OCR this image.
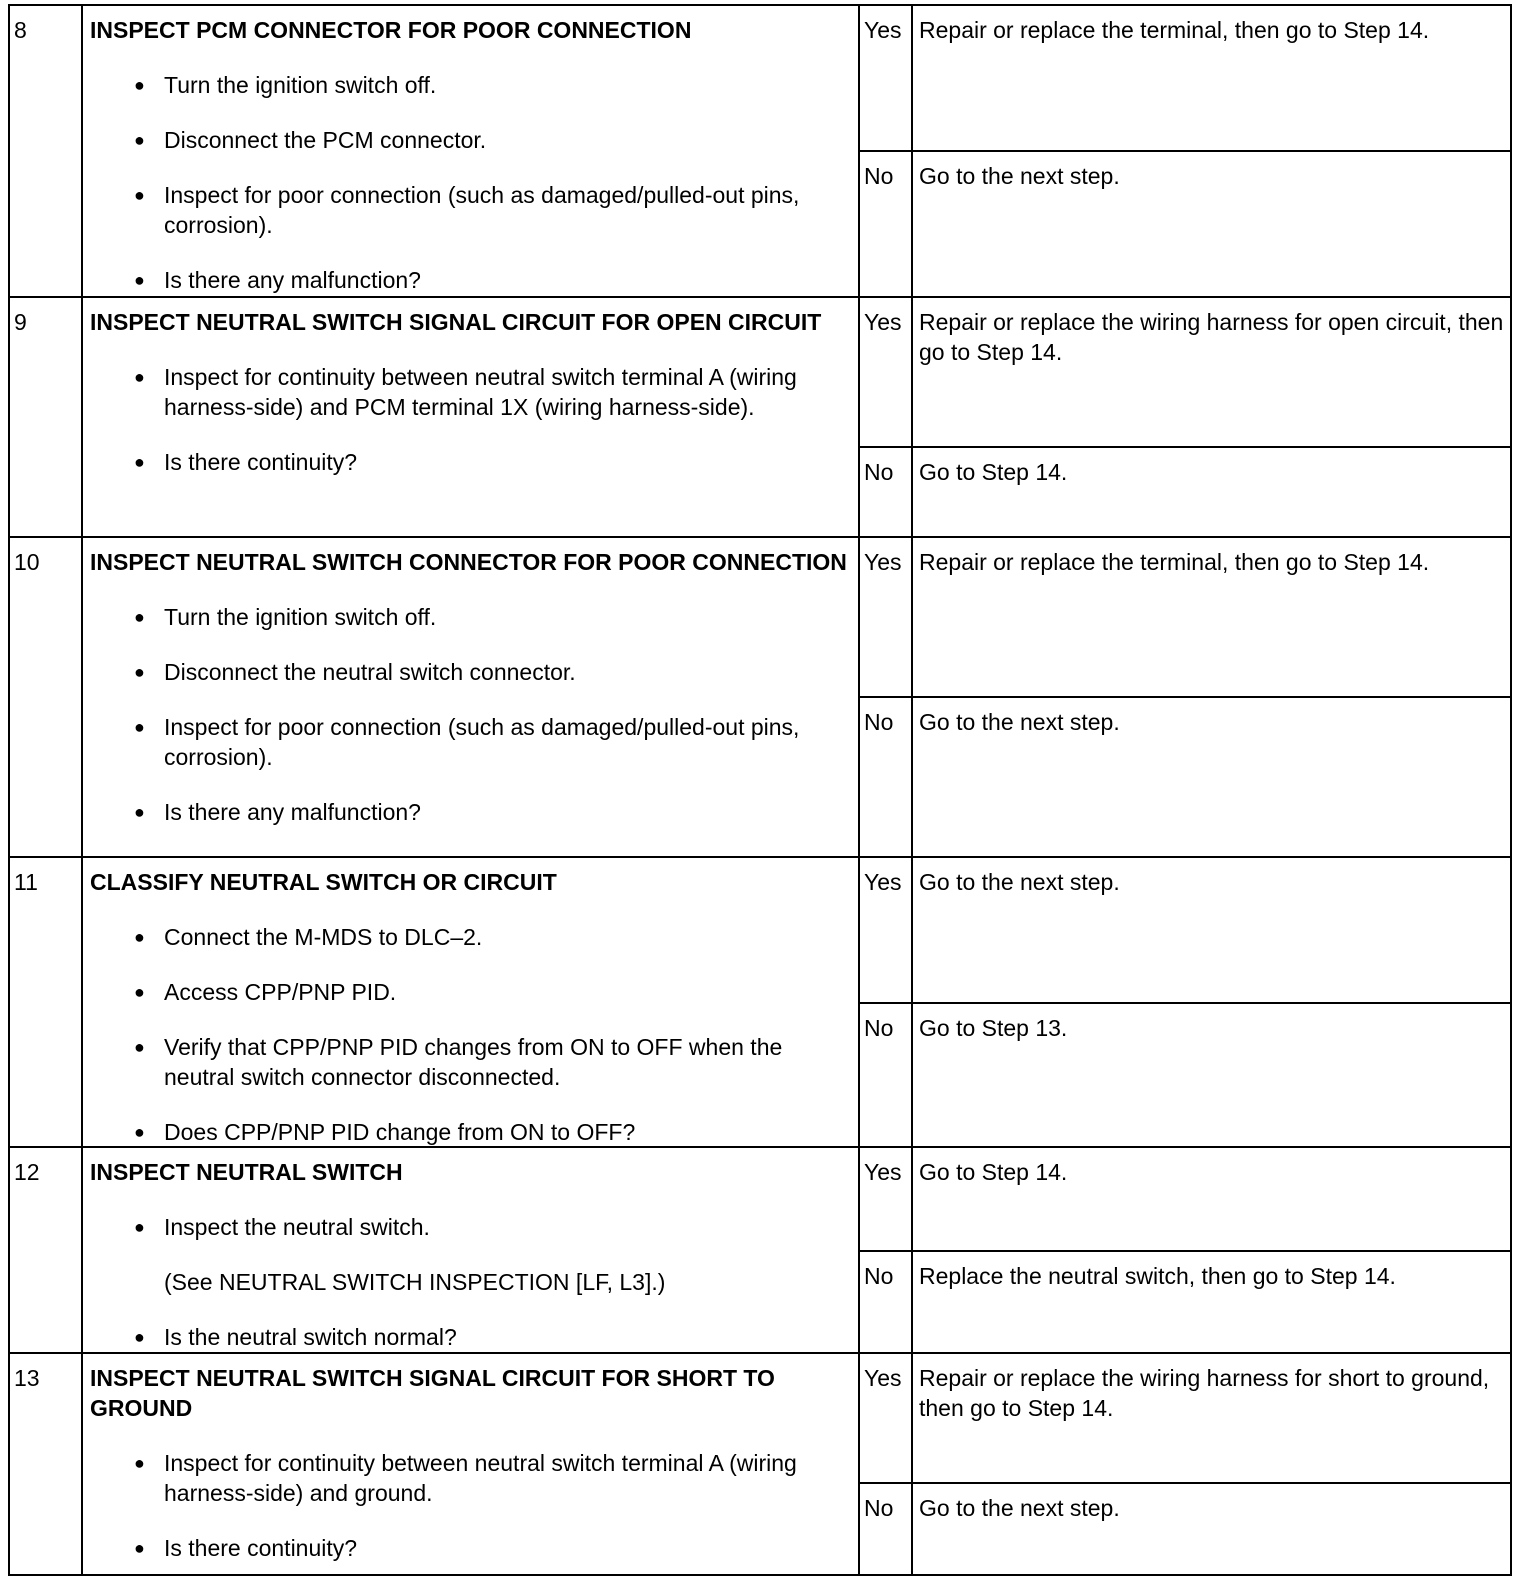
8	INSPECT PCM CONNECTOR FOR POOR CONNECTION
● Turn the ignition switch off.
● Disconnect the PCM connector.
● Inspect for poor connection (such as damaged/pulled-out pins, corrosion).
● Is there any malfunction?
Yes Repair or replace the terminal, then go to Step 14.
No	Go to the next step.
9	INSPECT NEUTRAL SWITCH SIGNAL CIRCUIT FOR OPEN CIRCUIT
● Inspect for continuity between neutral switch terminal A (wiring harness-side) and PCM terminal 1X (wiring harness-side).
● Is there continuity?
Yes Repair or replace the wiring harness for open circuit, then go to Step 14.
No	Go to Step 14.
10	INSPECT NEUTRAL SWITCH CONNECTOR FOR POOR CONNECTION
● Turn the ignition switch off.
● Disconnect the neutral switch connector.
● Inspect for poor connection (such as damaged/pulled-out pins, corrosion).
● Is there any malfunction?
Yes Repair or replace the terminal, then go to Step 14.
No	Go to the next step.
11	CLASSIFY NEUTRAL SWITCH OR CIRCUIT
● Connect the M-MDS to DLC–2.
● Access CPP/PNP PID.
● Verify that CPP/PNP PID changes from ON to OFF when the neutral switch connector disconnected.
● Does CPP/PNP PID change from ON to OFF?
Yes Go to the next step.
No	Go to Step 13.
12	INSPECT NEUTRAL SWITCH
● Inspect the neutral switch.
(See NEUTRAL SWITCH INSPECTION [LF, L3].)
● Is the neutral switch normal?
Yes Go to Step 14.
No	Replace the neutral switch, then go to Step 14.
13	INSPECT NEUTRAL SWITCH SIGNAL CIRCUIT FOR SHORT TO GROUND
● Inspect for continuity between neutral switch terminal A (wiring harness-side) and ground.
● Is there continuity?
Yes Repair or replace the wiring harness for short to ground, then go to Step 14.
No	Go to the next step.
